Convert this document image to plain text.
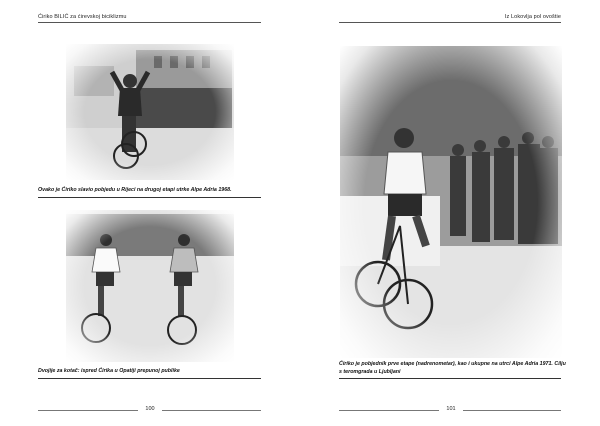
Ćiriko BILIĆ za ćirevskoj biciklizmu
Ovako je Ćiriko slavio pobjedu u Rijeci na drugoj etapi utrke Alpe Adria 1968.
Dvojije za kotač: ispred Ćirika u Opatiji prepunoj publike
100
Iz Lokovlja pol ovoštie
Ćiriko je pobjednik prve etape (nadrenometar), kao i ukupne na utrci Alpe Adria 1971. Cilju
s teromgrada u Ljubljani
101
